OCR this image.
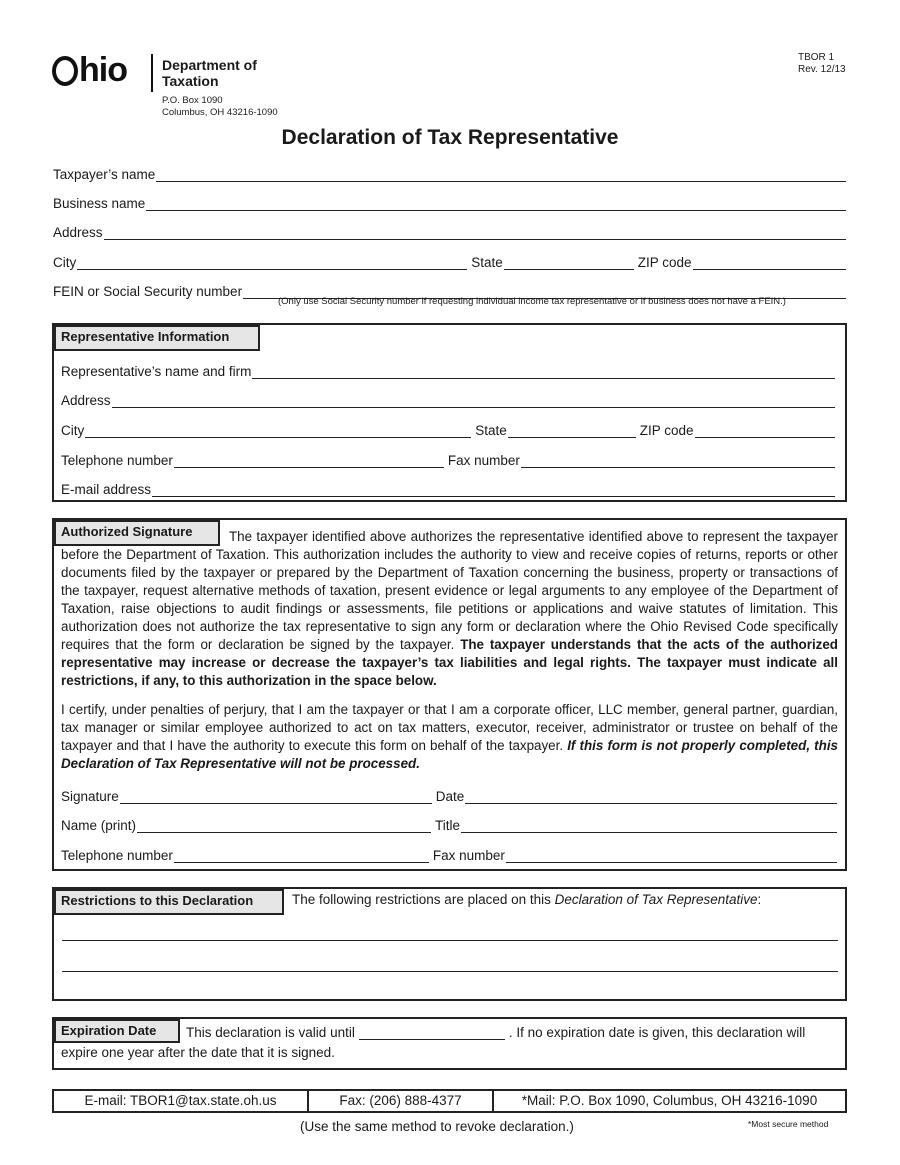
hio	Department of
Taxation
P.O. Box 1090
Columbus, OH 43216-1090
TBOR 1
Rev. 12/13
Declaration of Tax Representative
Taxpayer’s name
Business name
Address
City	State	ZIP code
FEIN or Social Security number
(Only use Social Security number if requesting individual income tax representative or if business does not have a FEIN.)
Representative Information
Representative’s name and firm
Address
City	State	ZIP code
Telephone number	Fax number
E-mail address
Authorized Signature	The taxpayer identified above authorizes the representative identified above to represent the taxpayer before the Department of Taxation. This authorization includes the authority to view and receive copies of returns, reports or other documents filed by the taxpayer or prepared by the Department of Taxation concerning the business, property or transactions of the taxpayer, request alternative methods of taxation, present evidence or legal arguments to any employee of the Department of Taxation, raise objections to audit findings or assessments, file petitions or applications and waive statutes of limitation. This authorization does not authorize the tax representative to sign any form or declaration where the Ohio Revised Code specifically requires that the form or declaration be signed by the taxpayer. The taxpayer understands that the acts of the authorized representative may increase or decrease the taxpayer’s tax liabilities and legal rights. The taxpayer must indicate all restrictions, if any, to this authorization in the space below.
I certify, under penalties of perjury, that I am the taxpayer or that I am a corporate officer, LLC member, general partner, guardian, tax manager or similar employee authorized to act on tax matters, executor, receiver, administrator or trustee on behalf of the taxpayer and that I have the authority to execute this form on behalf of the taxpayer. If this form is not properly completed, this Declaration of Tax Representative will not be processed.
Signature	Date
Name (print)	Title
Telephone number	Fax number
Restrictions to this Declaration	The following restrictions are placed on this Declaration of Tax Representative:
Expiration Date	This declaration is valid until	. If no expiration date is given, this declaration will
expire one year after the date that it is signed.
E-mail: TBOR1@tax.state.oh.us	Fax: (206) 888-4377	*Mail: P.O. Box 1090, Columbus, OH 43216-1090
(Use the same method to revoke declaration.)	*Most secure method
